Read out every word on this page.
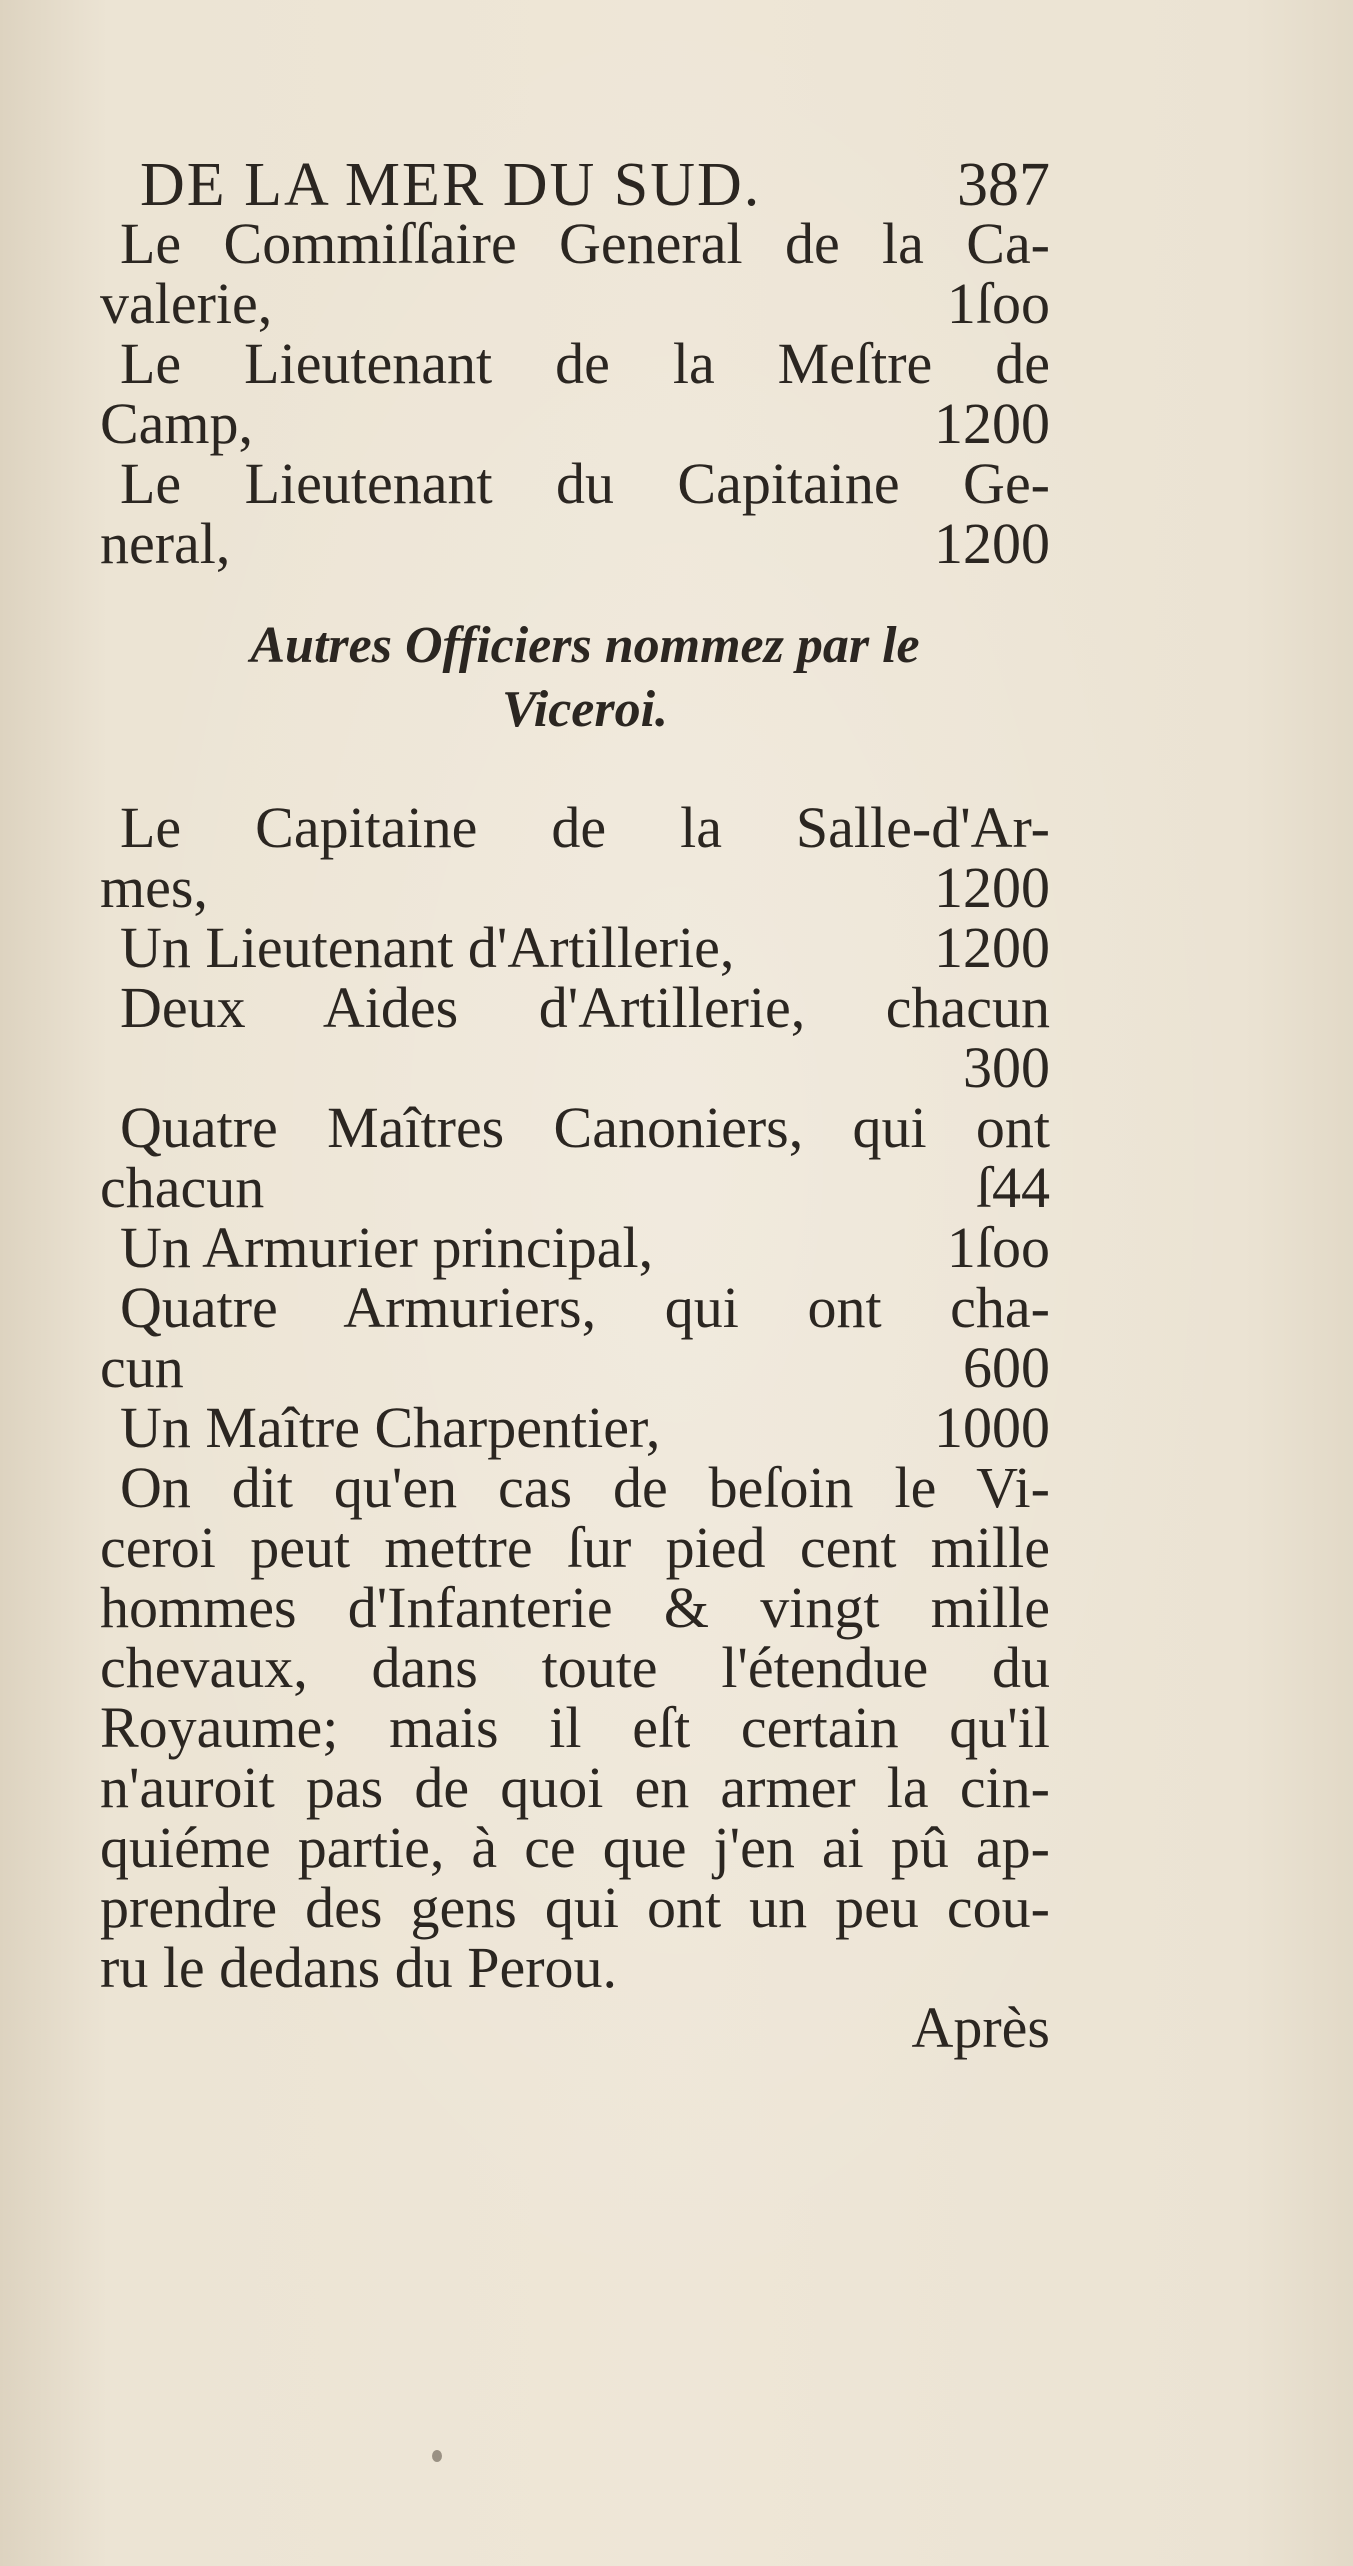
DE LA MER DU SUD.	387
Le Commiſſaire General de la Ca-
valerie,	1ſoo
Le Lieutenant de la Meſtre de
Camp,	1200
Le Lieutenant du Capitaine Ge-
neral,	1200
Autres Officiers nommez par le
Viceroi.
Le Capitaine de la Salle-d'Ar-
mes,	1200
Un Lieutenant d'Artillerie,	1200
Deux Aides d'Artillerie, chacun
300
Quatre Maîtres Canoniers, qui ont
chacun	ſ44
Un Armurier principal,	1ſoo
Quatre Armuriers, qui ont cha-
cun	600
Un Maître Charpentier,	1000
On dit qu'en cas de beſoin le Vi-
ceroi peut mettre ſur pied cent mille
hommes d'Infanterie & vingt mille
chevaux, dans toute l'étendue du
Royaume; mais il eſt certain qu'il
n'auroit pas de quoi en armer la cin-
quiéme partie, à ce que j'en ai pû ap-
prendre des gens qui ont un peu cou-
ru le dedans du Perou.
Après
